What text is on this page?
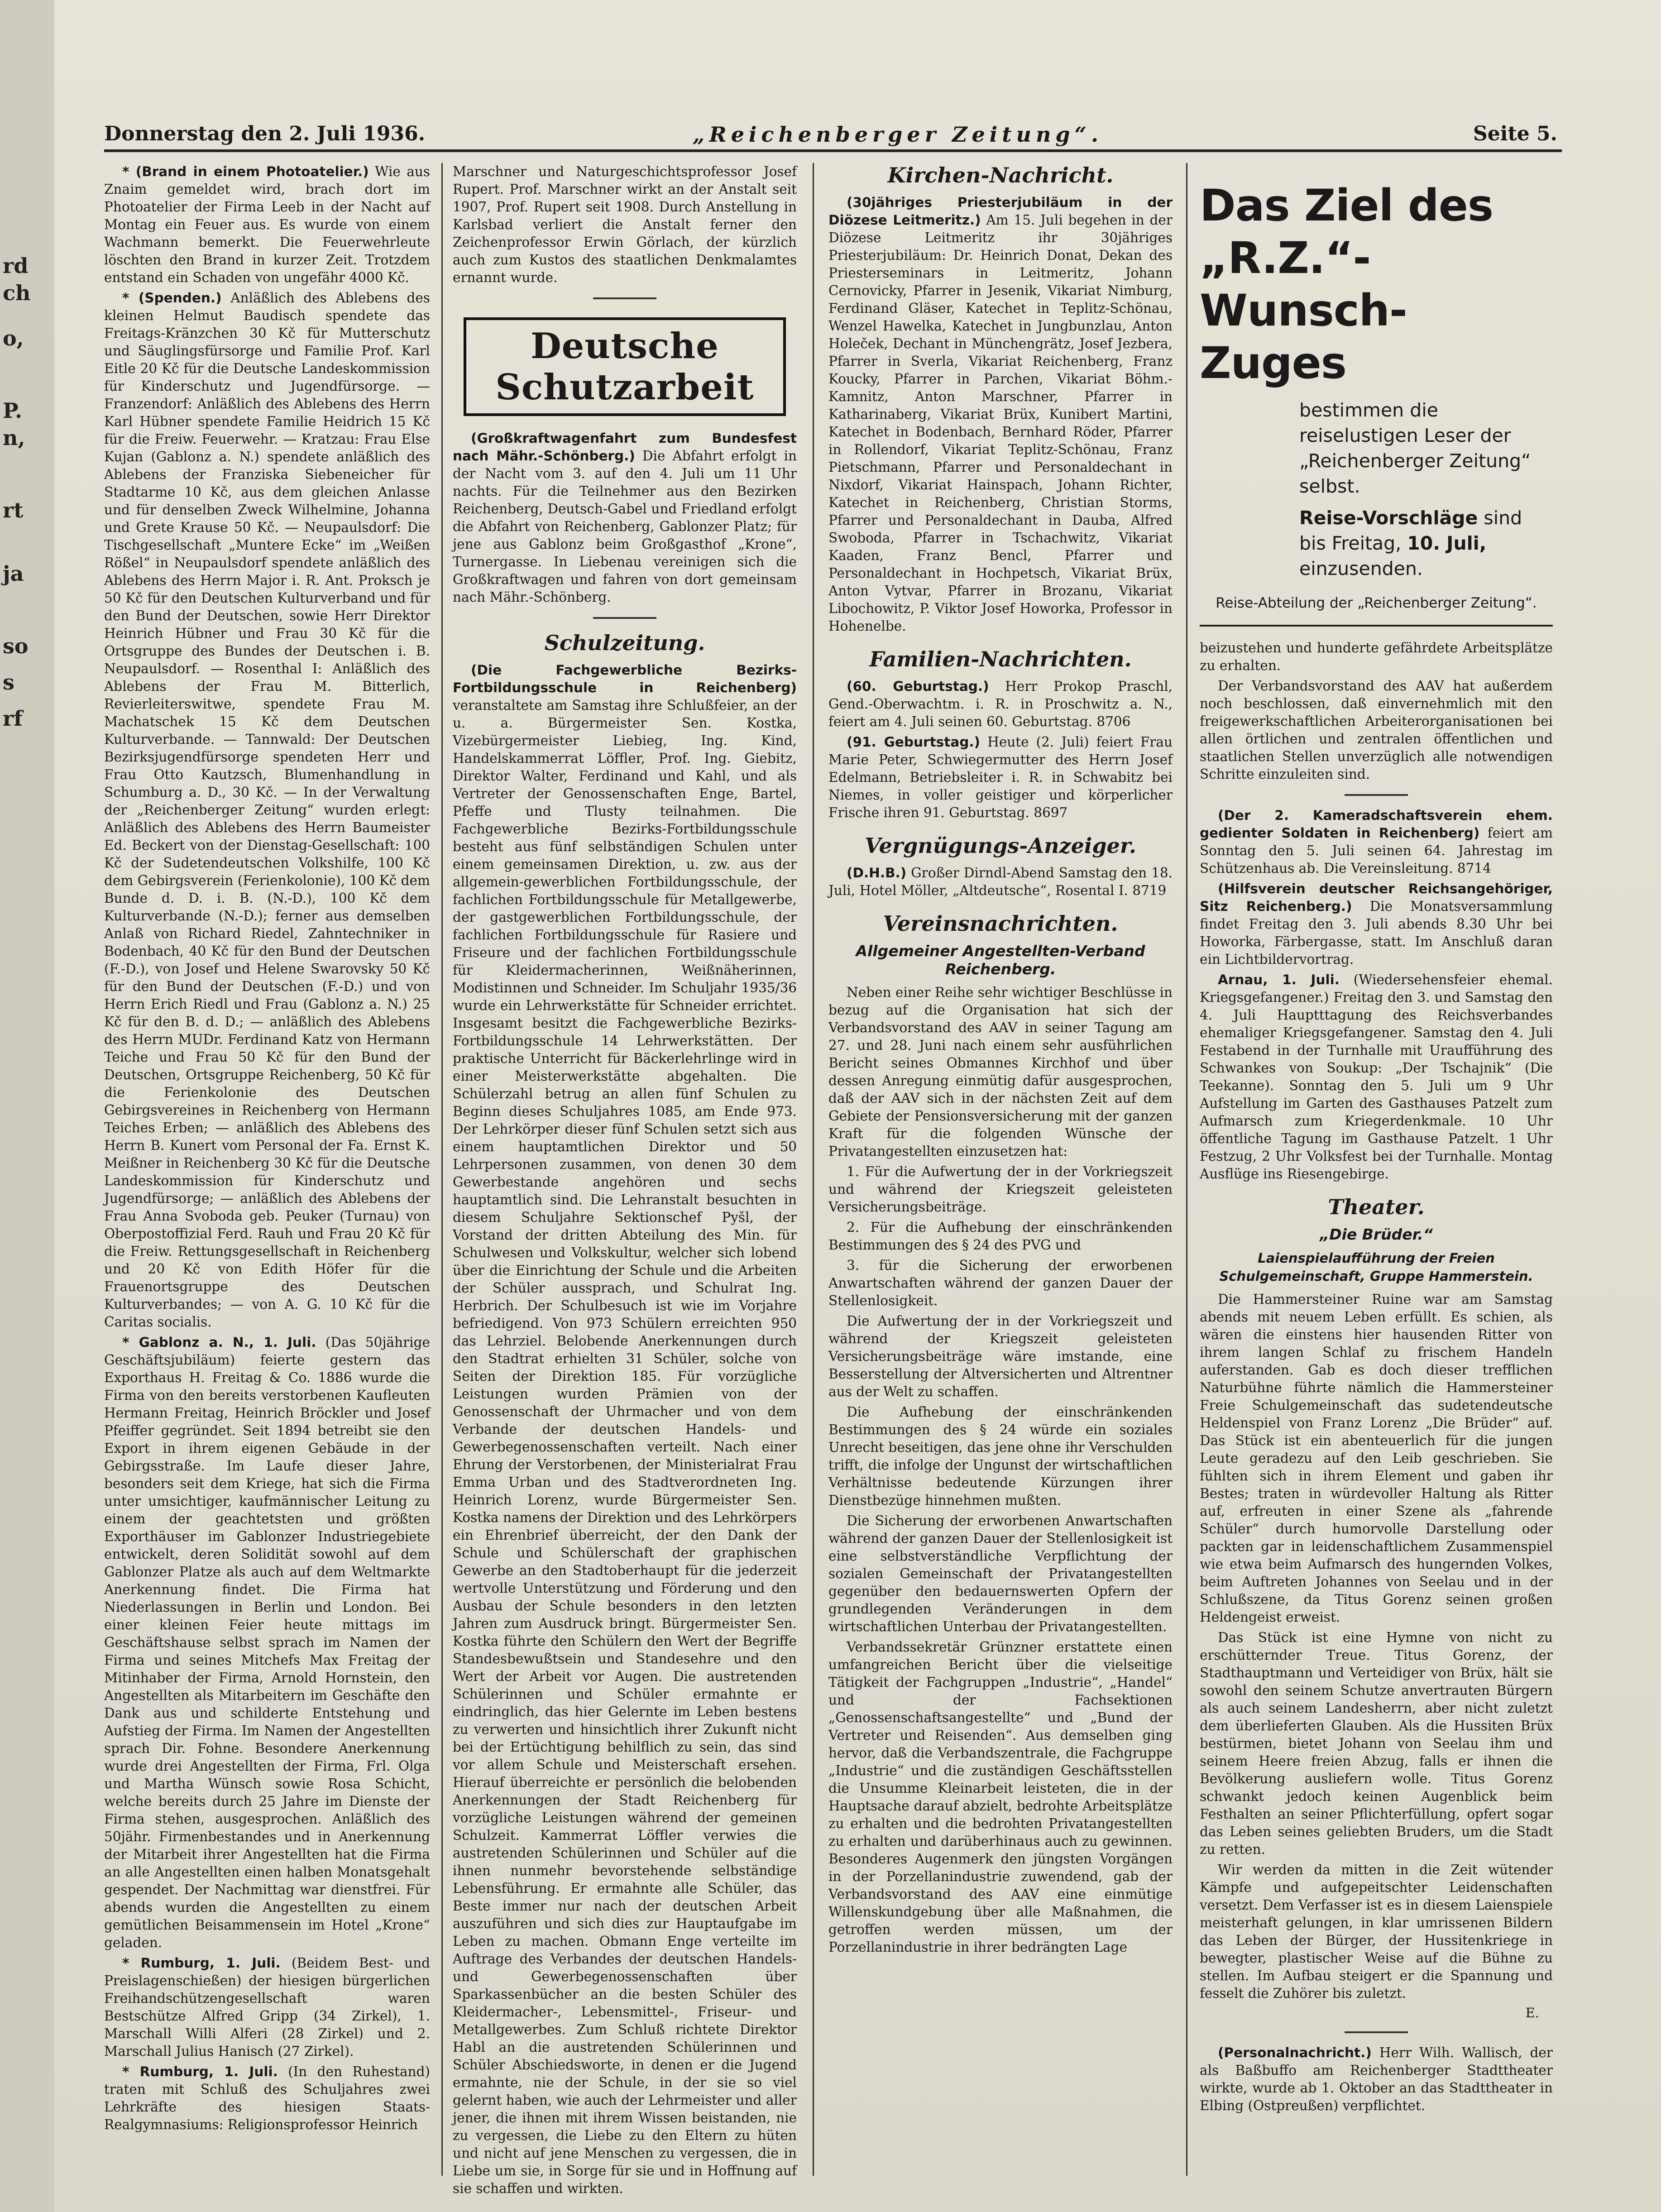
rd
ch
o,
P.
n,
rt
ja
so
s
rf
Donnerstag den 2. Juli 1936.	„Reichenberger Zeitung“.	Seite 5.

* (Brand in einem Photoatelier.) Wie aus Znaim gemeldet wird, brach dort im Photoatelier der Firma Leeb in der Nacht auf Montag ein Feuer aus. Es wurde von einem Wachmann bemerkt. Die Feuerwehrleute löschten den Brand in kurzer Zeit. Trotzdem entstand ein Schaden von ungefähr 4000 Kč.

* (Spenden.) Anläßlich des Ablebens des kleinen Helmut Baudisch spendete das Freitags-Kränzchen 30 Kč für Mutterschutz und Säuglingsfürsorge und Familie Prof. Karl Eitle 20 Kč für die Deutsche Landeskommission für Kinderschutz und Jugendfürsorge. — Franzendorf: Anläßlich des Ablebens des Herrn Karl Hübner spendete Familie Heidrich 15 Kč für die Freiw. Feuerwehr. — Kratzau: Frau Else Kujan (Gablonz a. N.) spendete anläßlich des Ablebens der Franziska Siebeneicher für Stadtarme 10 Kč, aus dem gleichen Anlasse und für denselben Zweck Wilhelmine, Johanna und Grete Krause 50 Kč. — Neupaulsdorf: Die Tischgesellschaft „Muntere Ecke“ im „Weißen Rößel“ in Neupaulsdorf spendete anläßlich des Ablebens des Herrn Major i. R. Ant. Proksch je 50 Kč für den Deutschen Kulturverband und für den Bund der Deutschen, sowie Herr Direktor Heinrich Hübner und Frau 30 Kč für die Ortsgruppe des Bundes der Deutschen i. B. Neupaulsdorf. — Rosenthal I: Anläßlich des Ablebens der Frau M. Bitterlich, Revierleiterswitwe, spendete Frau M. Machatschek 15 Kč dem Deutschen Kulturverbande. — Tannwald: Der Deutschen Bezirksjugendfürsorge spendeten Herr und Frau Otto Kautzsch, Blumenhandlung in Schumburg a. D., 30 Kč. — In der Verwaltung der „Reichenberger Zeitung“ wurden erlegt: Anläßlich des Ablebens des Herrn Baumeister Ed. Beckert von der Dienstag-Gesellschaft: 100 Kč der Sudetendeutschen Volkshilfe, 100 Kč dem Gebirgsverein (Ferienkolonie), 100 Kč dem Bunde d. D. i. B. (N.-D.), 100 Kč dem Kulturverbande (N.-D.); ferner aus demselben Anlaß von Richard Riedel, Zahntechniker in Bodenbach, 40 Kč für den Bund der Deutschen (F.-D.), von Josef und Helene Swarovsky 50 Kč für den Bund der Deutschen (F.-D.) und von Herrn Erich Riedl und Frau (Gablonz a. N.) 25 Kč für den B. d. D.; — anläßlich des Ablebens des Herrn MUDr. Ferdinand Katz von Hermann Teiche und Frau 50 Kč für den Bund der Deutschen, Ortsgruppe Reichenberg, 50 Kč für die Ferienkolonie des Deutschen Gebirgsvereines in Reichenberg von Hermann Teiches Erben; — anläßlich des Ablebens des Herrn B. Kunert vom Personal der Fa. Ernst K. Meißner in Reichenberg 30 Kč für die Deutsche Landeskommission für Kinderschutz und Jugendfürsorge; — anläßlich des Ablebens der Frau Anna Svoboda geb. Peuker (Turnau) von Oberpostoffizial Ferd. Rauh und Frau 20 Kč für die Freiw. Rettungsgesellschaft in Reichenberg und 20 Kč von Edith Höfer für die Frauenortsgruppe des Deutschen Kulturverbandes; — von A. G. 10 Kč für die Caritas socialis.

* Gablonz a. N., 1. Juli. (Das 50jährige Geschäftsjubiläum) feierte gestern das Exporthaus H. Freitag & Co. 1886 wurde die Firma von den bereits verstorbenen Kaufleuten Hermann Freitag, Heinrich Bröckler und Josef Pfeiffer gegründet. Seit 1894 betreibt sie den Export in ihrem eigenen Gebäude in der Gebirgsstraße. Im Laufe dieser Jahre, besonders seit dem Kriege, hat sich die Firma unter umsichtiger, kaufmännischer Leitung zu einem der geachtetsten und größten Exporthäuser im Gablonzer Industriegebiete entwickelt, deren Solidität sowohl auf dem Gablonzer Platze als auch auf dem Weltmarkte Anerkennung findet. Die Firma hat Niederlassungen in Berlin und London. Bei einer kleinen Feier heute mittags im Geschäftshause selbst sprach im Namen der Firma und seines Mitchefs Max Freitag der Mitinhaber der Firma, Arnold Hornstein, den Angestellten als Mitarbeitern im Geschäfte den Dank aus und schilderte Entstehung und Aufstieg der Firma. Im Namen der Angestellten sprach Dir. Fohne. Besondere Anerkennung wurde drei Angestellten der Firma, Frl. Olga und Martha Wünsch sowie Rosa Schicht, welche bereits durch 25 Jahre im Dienste der Firma stehen, ausgesprochen. Anläßlich des 50jähr. Firmenbestandes und in Anerkennung der Mitarbeit ihrer Angestellten hat die Firma an alle Angestellten einen halben Monatsgehalt gespendet. Der Nachmittag war dienstfrei. Für abends wurden die Angestellten zu einem gemütlichen Beisammensein im Hotel „Krone“ geladen.

* Rumburg, 1. Juli. (Beidem Best- und Preislagenschießen) der hiesigen bürgerlichen Freihandschützengesellschaft waren Bestschütze Alfred Gripp (34 Zirkel), 1. Marschall Willi Alferi (28 Zirkel) und 2. Marschall Julius Hanisch (27 Zirkel).

* Rumburg, 1. Juli. (In den Ruhestand) traten mit Schluß des Schuljahres zwei Lehrkräfte des hiesigen Staats-Realgymnasiums: Religionsprofessor Heinrich

Marschner und Naturgeschichtsprofessor Josef Rupert. Prof. Marschner wirkt an der Anstalt seit 1907, Prof. Rupert seit 1908. Durch Anstellung in Karlsbad verliert die Anstalt ferner den Zeichenprofessor Erwin Görlach, der kürzlich auch zum Kustos des staatlichen Denkmalamtes ernannt wurde.

Deutsche Schutzarbeit

(Großkraftwagenfahrt zum Bundesfest nach Mähr.-Schönberg.) Die Abfahrt erfolgt in der Nacht vom 3. auf den 4. Juli um 11 Uhr nachts. Für die Teilnehmer aus den Bezirken Reichenberg, Deutsch-Gabel und Friedland erfolgt die Abfahrt von Reichenberg, Gablonzer Platz; für jene aus Gablonz beim Großgasthof „Krone“, Turnergasse. In Liebenau vereinigen sich die Großkraftwagen und fahren von dort gemeinsam nach Mähr.-Schönberg.

Schulzeitung.

(Die Fachgewerbliche Bezirks-Fortbildungsschule in Reichenberg) veranstaltete am Samstag ihre Schlußfeier, an der u. a. Bürgermeister Sen. Kostka, Vizebürgermeister Liebieg, Ing. Kind, Handelskammerrat Löffler, Prof. Ing. Giebitz, Direktor Walter, Ferdinand und Kahl, und als Vertreter der Genossenschaften Enge, Bartel, Pfeffe und Tlusty teilnahmen. Die Fachgewerbliche Bezirks-Fortbildungsschule besteht aus fünf selbständigen Schulen unter einem gemeinsamen Direktion, u. zw. aus der allgemein-gewerblichen Fortbildungsschule, der fachlichen Fortbildungsschule für Metallgewerbe, der gastgewerblichen Fortbildungsschule, der fachlichen Fortbildungsschule für Rasiere und Friseure und der fachlichen Fortbildungsschule für Kleidermacherinnen, Weißnäherinnen, Modistinnen und Schneider. Im Schuljahr 1935/36 wurde ein Lehrwerkstätte für Schneider errichtet. Insgesamt besitzt die Fachgewerbliche Bezirks-Fortbildungsschule 14 Lehrwerkstätten. Der praktische Unterricht für Bäckerlehrlinge wird in einer Meisterwerkstätte abgehalten. Die Schülerzahl betrug an allen fünf Schulen zu Beginn dieses Schuljahres 1085, am Ende 973. Der Lehrkörper dieser fünf Schulen setzt sich aus einem hauptamtlichen Direktor und 50 Lehrpersonen zusammen, von denen 30 dem Gewerbestande angehören und sechs hauptamtlich sind. Die Lehranstalt besuchten in diesem Schuljahre Sektionschef Pyšl, der Vorstand der dritten Abteilung des Min. für Schulwesen und Volkskultur, welcher sich lobend über die Einrichtung der Schule und die Arbeiten der Schüler aussprach, und Schulrat Ing. Herbrich. Der Schulbesuch ist wie im Vorjahre befriedigend. Von 973 Schülern erreichten 950 das Lehrziel. Belobende Anerkennungen durch den Stadtrat erhielten 31 Schüler, solche von Seiten der Direktion 185. Für vorzügliche Leistungen wurden Prämien von der Genossenschaft der Uhrmacher und von dem Verbande der deutschen Handels- und Gewerbegenossenschaften verteilt. Nach einer Ehrung der Verstorbenen, der Ministerialrat Frau Emma Urban und des Stadtverordneten Ing. Heinrich Lorenz, wurde Bürgermeister Sen. Kostka namens der Direktion und des Lehrkörpers ein Ehrenbrief überreicht, der den Dank der Schule und Schülerschaft der graphischen Gewerbe an den Stadtoberhaupt für die jederzeit wertvolle Unterstützung und Förderung und den Ausbau der Schule besonders in den letzten Jahren zum Ausdruck bringt. Bürgermeister Sen. Kostka führte den Schülern den Wert der Begriffe Standesbewußtsein und Standesehre und den Wert der Arbeit vor Augen. Die austretenden Schülerinnen und Schüler ermahnte er eindringlich, das hier Gelernte im Leben bestens zu verwerten und hinsichtlich ihrer Zukunft nicht bei der Ertüchtigung behilflich zu sein, das sind vor allem Schule und Meisterschaft ersehen. Hierauf überreichte er persönlich die belobenden Anerkennungen der Stadt Reichenberg für vorzügliche Leistungen während der gemeinen Schulzeit. Kammerrat Löffler verwies die austretenden Schülerinnen und Schüler auf die ihnen nunmehr bevorstehende selbständige Lebensführung. Er ermahnte alle Schüler, das Beste immer nur nach der deutschen Arbeit auszuführen und sich dies zur Hauptaufgabe im Leben zu machen. Obmann Enge verteilte im Auftrage des Verbandes der deutschen Handels- und Gewerbegenossenschaften über Sparkassenbücher an die besten Schüler des Kleidermacher-, Lebensmittel-, Friseur- und Metallgewerbes. Zum Schluß richtete Direktor Habl an die austretenden Schülerinnen und Schüler Abschiedsworte, in denen er die Jugend ermahnte, nie der Schule, in der sie so viel gelernt haben, wie auch der Lehrmeister und aller jener, die ihnen mit ihrem Wissen beistanden, nie zu vergessen, die Liebe zu den Eltern zu hüten und nicht auf jene Menschen zu vergessen, die in Liebe um sie, in Sorge für sie und in Hoffnung auf sie schaffen und wirkten.

Kirchen-Nachricht.

(30jähriges Priesterjubiläum in der Diözese Leitmeritz.) Am 15. Juli begehen in der Diözese Leitmeritz ihr 30jähriges Priesterjubiläum: Dr. Heinrich Donat, Dekan des Priesterseminars in Leitmeritz, Johann Cernovicky, Pfarrer in Jesenik, Vikariat Nimburg, Ferdinand Gläser, Katechet in Teplitz-Schönau, Wenzel Hawelka, Katechet in Jungbunzlau, Anton Holeček, Dechant in Münchengrätz, Josef Jezbera, Pfarrer in Sverla, Vikariat Reichenberg, Franz Koucky, Pfarrer in Parchen, Vikariat Böhm.-Kamnitz, Anton Marschner, Pfarrer in Katharinaberg, Vikariat Brüx, Kunibert Martini, Katechet in Bodenbach, Bernhard Röder, Pfarrer in Rollendorf, Vikariat Teplitz-Schönau, Franz Pietschmann, Pfarrer und Personaldechant in Nixdorf, Vikariat Hainspach, Johann Richter, Katechet in Reichenberg, Christian Storms, Pfarrer und Personaldechant in Dauba, Alfred Swoboda, Pfarrer in Tschachwitz, Vikariat Kaaden, Franz Bencl, Pfarrer und Personaldechant in Hochpetsch, Vikariat Brüx, Anton Vytvar, Pfarrer in Brozanu, Vikariat Libochowitz, P. Viktor Josef Howorka, Professor in Hohenelbe.

Familien-Nachrichten.

(60. Geburtstag.) Herr Prokop Praschl, Gend.-Oberwachtm. i. R. in Proschwitz a. N., feiert am 4. Juli seinen 60. Geburtstag. 8706

(91. Geburtstag.) Heute (2. Juli) feiert Frau Marie Peter, Schwiegermutter des Herrn Josef Edelmann, Betriebsleiter i. R. in Schwabitz bei Niemes, in voller geistiger und körperlicher Frische ihren 91. Geburtstag. 8697

Vergnügungs-Anzeiger.

(D.H.B.) Großer Dirndl-Abend Samstag den 18. Juli, Hotel Möller, „Altdeutsche“, Rosental I. 8719

Vereinsnachrichten.
Allgemeiner Angestellten-Verband Reichenberg.

Neben einer Reihe sehr wichtiger Beschlüsse in bezug auf die Organisation hat sich der Verbandsvorstand des AAV in seiner Tagung am 27. und 28. Juni nach einem sehr ausführlichen Bericht seines Obmannes Kirchhof und über dessen Anregung einmütig dafür ausgesprochen, daß der AAV sich in der nächsten Zeit auf dem Gebiete der Pensionsversicherung mit der ganzen Kraft für die folgenden Wünsche der Privatangestellten einzusetzen hat:

1. Für die Aufwertung der in der Vorkriegszeit und während der Kriegszeit geleisteten Versicherungsbeiträge.

2. Für die Aufhebung der einschränkenden Bestimmungen des § 24 des PVG und

3. für die Sicherung der erworbenen Anwartschaften während der ganzen Dauer der Stellenlosigkeit.

Die Aufwertung der in der Vorkriegszeit und während der Kriegszeit geleisteten Versicherungsbeiträge wäre imstande, eine Besserstellung der Altversicherten und Altrentner aus der Welt zu schaffen.

Die Aufhebung der einschränkenden Bestimmungen des § 24 würde ein soziales Unrecht beseitigen, das jene ohne ihr Verschulden trifft, die infolge der Ungunst der wirtschaftlichen Verhältnisse bedeutende Kürzungen ihrer Dienstbezüge hinnehmen mußten.

Die Sicherung der erworbenen Anwartschaften während der ganzen Dauer der Stellenlosigkeit ist eine selbstverständliche Verpflichtung der sozialen Gemeinschaft der Privatangestellten gegenüber den bedauernswerten Opfern der grundlegenden Veränderungen in dem wirtschaftlichen Unterbau der Privatangestellten.

Verbandssekretär Grünzner erstattete einen umfangreichen Bericht über die vielseitige Tätigkeit der Fachgruppen „Industrie“, „Handel“ und der Fachsektionen „Genossenschaftsangestellte“ und „Bund der Vertreter und Reisenden“. Aus demselben ging hervor, daß die Verbandszentrale, die Fachgruppe „Industrie“ und die zuständigen Geschäftsstellen die Unsumme Kleinarbeit leisteten, die in der Hauptsache darauf abzielt, bedrohte Arbeitsplätze zu erhalten und die bedrohten Privatangestellten zu erhalten und darüberhinaus auch zu gewinnen. Besonderes Augenmerk den jüngsten Vorgängen in der Porzellanindustrie zuwendend, gab der Verbandsvorstand des AAV eine einmütige Willenskundgebung über alle Maßnahmen, die getroffen werden müssen, um der Porzellanindustrie in ihrer bedrängten Lage

Das Ziel des
„R.Z.“-Wunsch-Zuges
bestimmen die reiselustigen Leser der „Reichenberger Zeitung“ selbst.
Reise-Vorschläge sind bis Freitag, 10. Juli, einzusenden.
Reise-Abteilung der „Reichenberger Zeitung“.

beizustehen und hunderte gefährdete Arbeitsplätze zu erhalten.

Der Verbandsvorstand des AAV hat außerdem noch beschlossen, daß einvernehmlich mit den freigewerkschaftlichen Arbeiterorganisationen bei allen örtlichen und zentralen öffentlichen und staatlichen Stellen unverzüglich alle notwendigen Schritte einzuleiten sind.

(Der 2. Kameradschaftsverein ehem. gedienter Soldaten in Reichenberg) feiert am Sonntag den 5. Juli seinen 64. Jahrestag im Schützenhaus ab. Die Vereinsleitung. 8714

(Hilfsverein deutscher Reichsangehöriger, Sitz Reichenberg.) Die Monatsversammlung findet Freitag den 3. Juli abends 8.30 Uhr bei Howorka, Färbergasse, statt. Im Anschluß daran ein Lichtbildervortrag.

Arnau, 1. Juli. (Wiedersehensfeier ehemal. Kriegsgefangener.) Freitag den 3. und Samstag den 4. Juli Hauptttagung des Reichsverbandes ehemaliger Kriegsgefangener. Samstag den 4. Juli Festabend in der Turnhalle mit Uraufführung des Schwankes von Soukup: „Der Tschajnik“ (Die Teekanne). Sonntag den 5. Juli um 9 Uhr Aufstellung im Garten des Gasthauses Patzelt zum Aufmarsch zum Kriegerdenkmale. 10 Uhr öffentliche Tagung im Gasthause Patzelt. 1 Uhr Festzug, 2 Uhr Volksfest bei der Turnhalle. Montag Ausflüge ins Riesengebirge.

Theater.
„Die Brüder.“
Laienspielaufführung der Freien Schulgemeinschaft, Gruppe Hammerstein.

Die Hammersteiner Ruine war am Samstag abends mit neuem Leben erfüllt. Es schien, als wären die einstens hier hausenden Ritter von ihrem langen Schlaf zu frischem Handeln auferstanden. Gab es doch dieser trefflichen Naturbühne führte nämlich die Hammersteiner Freie Schulgemeinschaft das sudetendeutsche Heldenspiel von Franz Lorenz „Die Brüder“ auf. Das Stück ist ein abenteuerlich für die jungen Leute geradezu auf den Leib geschrieben. Sie fühlten sich in ihrem Element und gaben ihr Bestes; traten in würdevoller Haltung als Ritter auf, erfreuten in einer Szene als „fahrende Schüler“ durch humorvolle Darstellung oder packten gar in leidenschaftlichem Zusammenspiel wie etwa beim Aufmarsch des hungernden Volkes, beim Auftreten Johannes von Seelau und in der Schlußszene, da Titus Gorenz seinen großen Heldengeist erweist.

Das Stück ist eine Hymne von nicht zu erschütternder Treue. Titus Gorenz, der Stadthauptmann und Verteidiger von Brüx, hält sie sowohl den seinem Schutze anvertrauten Bürgern als auch seinem Landesherrn, aber nicht zuletzt dem überlieferten Glauben. Als die Hussiten Brüx bestürmen, bietet Johann von Seelau ihm und seinem Heere freien Abzug, falls er ihnen die Bevölkerung ausliefern wolle. Titus Gorenz schwankt jedoch keinen Augenblick beim Festhalten an seiner Pflichterfüllung, opfert sogar das Leben seines geliebten Bruders, um die Stadt zu retten.

Wir werden da mitten in die Zeit wütender Kämpfe und aufgepeitschter Leidenschaften versetzt. Dem Verfasser ist es in diesem Laienspiele meisterhaft gelungen, in klar umrissenen Bildern das Leben der Bürger, der Hussitenkriege in bewegter, plastischer Weise auf die Bühne zu stellen. Im Aufbau steigert er die Spannung und fesselt die Zuhörer bis zuletzt.

E.

(Personalnachricht.) Herr Wilh. Wallisch, der als Baßbuffo am Reichenberger Stadttheater wirkte, wurde ab 1. Oktober an das Stadttheater in Elbing (Ostpreußen) verpflichtet.
